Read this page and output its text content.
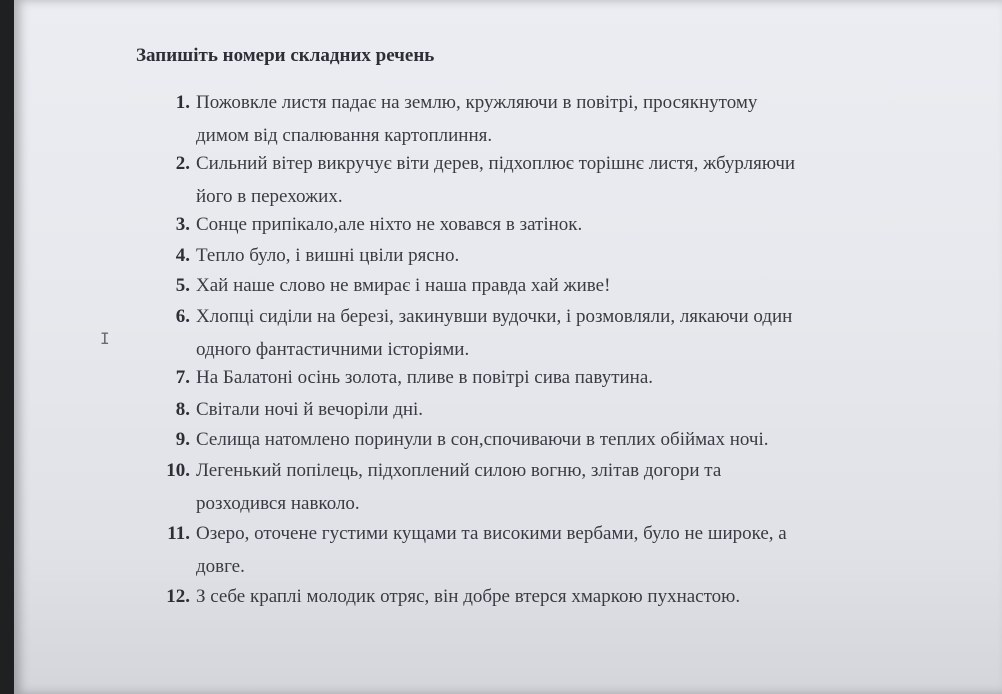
Запишіть номери складних речень
1. Пожовкле листя падає на землю, кружляючи в повітрі, просякнутому
димом від спалювання картоплиння.
2. Сильний вітер викручує віти дерев, підхоплює торішнє листя, жбурляючи
його в перехожих.
3. Сонце припікало,але ніхто не ховався в затінок.
4. Тепло було, і вишні цвіли рясно.
5. Хай наше слово не вмирає і наша правда хай живе!
6. Хлопці сиділи на березі, закинувши вудочки, і розмовляли, лякаючи один
одного фантастичними історіями.
7. На Балатоні осінь золота, пливе в повітрі сива павутина.
8. Світали ночі й вечоріли дні.
9. Селища натомлено поринули в сон,спочиваючи в теплих обіймах ночі.
10. Легенький попілець, підхоплений силою вогню, злітав догори та
розходився навколо.
11. Озеро, оточене густими кущами та високими вербами, було не широке, а
довге.
12. З себе краплі молодик отряс, він добре втерся хмаркою пухнастою.
I
